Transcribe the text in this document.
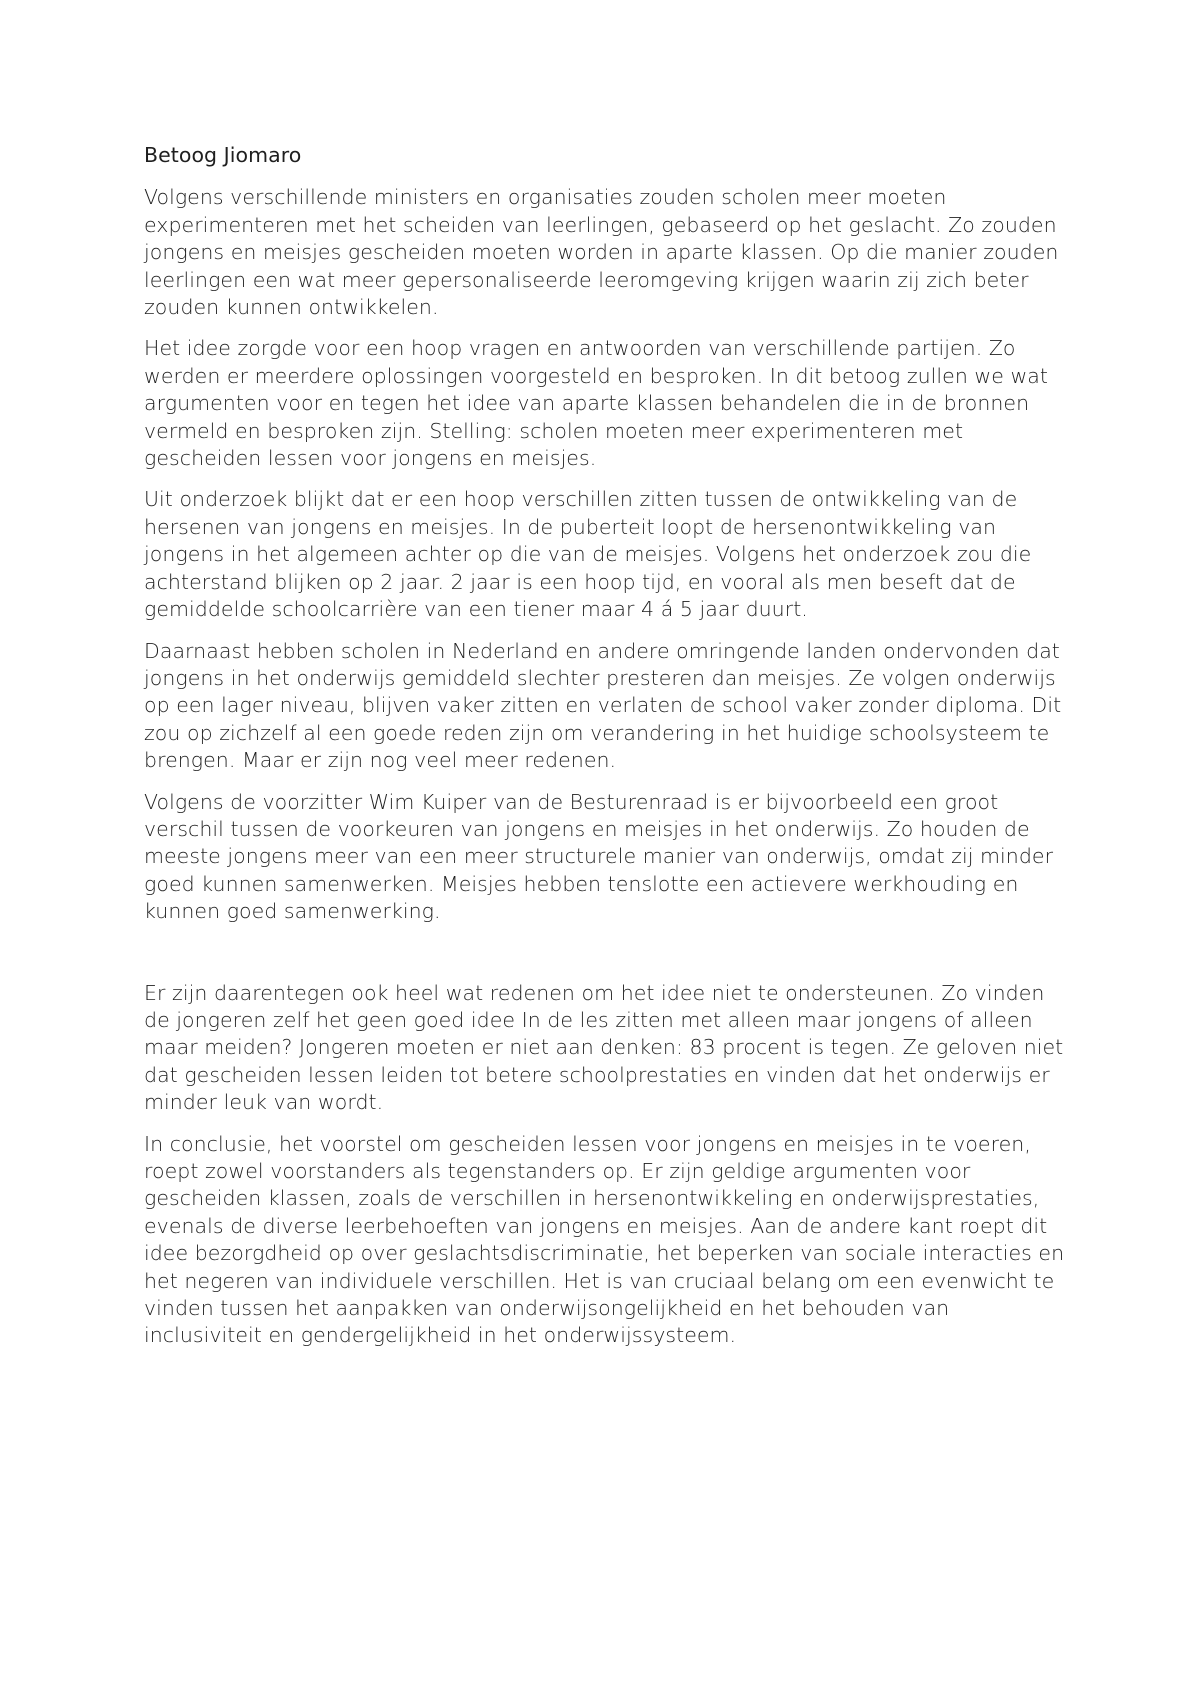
Betoog Jiomaro

Volgens verschillende ministers en organisaties zouden scholen meer moeten experimenteren met het scheiden van leerlingen, gebaseerd op het geslacht. Zo zouden jongens en meisjes gescheiden moeten worden in aparte klassen. Op die manier zouden leerlingen een wat meer gepersonaliseerde leeromgeving krijgen waarin zij zich beter zouden kunnen ontwikkelen.

Het idee zorgde voor een hoop vragen en antwoorden van verschillende partijen. Zo werden er meerdere oplossingen voorgesteld en besproken. In dit betoog zullen we wat argumenten voor en tegen het idee van aparte klassen behandelen die in de bronnen vermeld en besproken zijn. Stelling: scholen moeten meer experimenteren met gescheiden lessen voor jongens en meisjes.

Uit onderzoek blijkt dat er een hoop verschillen zitten tussen de ontwikkeling van de hersenen van jongens en meisjes. In de puberteit loopt de hersenontwikkeling van jongens in het algemeen achter op die van de meisjes. Volgens het onderzoek zou die achterstand blijken op 2 jaar. 2 jaar is een hoop tijd, en vooral als men beseft dat de gemiddelde schoolcarrière van een tiener maar 4 á 5 jaar duurt.

Daarnaast hebben scholen in Nederland en andere omringende landen ondervonden dat jongens in het onderwijs gemiddeld slechter presteren dan meisjes. Ze volgen onderwijs op een lager niveau, blijven vaker zitten en verlaten de school vaker zonder diploma. Dit zou op zichzelf al een goede reden zijn om verandering in het huidige schoolsysteem te brengen. Maar er zijn nog veel meer redenen.

Volgens de voorzitter Wim Kuiper van de Besturenraad is er bijvoorbeeld een groot verschil tussen de voorkeuren van jongens en meisjes in het onderwijs. Zo houden de meeste jongens meer van een meer structurele manier van onderwijs, omdat zij minder goed kunnen samenwerken. Meisjes hebben tenslotte een actievere werkhouding en kunnen goed samenwerking.

Er zijn daarentegen ook heel wat redenen om het idee niet te ondersteunen. Zo vinden de jongeren zelf het geen goed idee In de les zitten met alleen maar jongens of alleen maar meiden? Jongeren moeten er niet aan denken: 83 procent is tegen. Ze geloven niet dat gescheiden lessen leiden tot betere schoolprestaties en vinden dat het onderwijs er minder leuk van wordt.

In conclusie, het voorstel om gescheiden lessen voor jongens en meisjes in te voeren, roept zowel voorstanders als tegenstanders op. Er zijn geldige argumenten voor gescheiden klassen, zoals de verschillen in hersenontwikkeling en onderwijsprestaties, evenals de diverse leerbehoeften van jongens en meisjes. Aan de andere kant roept dit idee bezorgdheid op over geslachtsdiscriminatie, het beperken van sociale interacties en het negeren van individuele verschillen. Het is van cruciaal belang om een evenwicht te vinden tussen het aanpakken van onderwijsongelijkheid en het behouden van inclusiviteit en gendergelijkheid in het onderwijssysteem.
